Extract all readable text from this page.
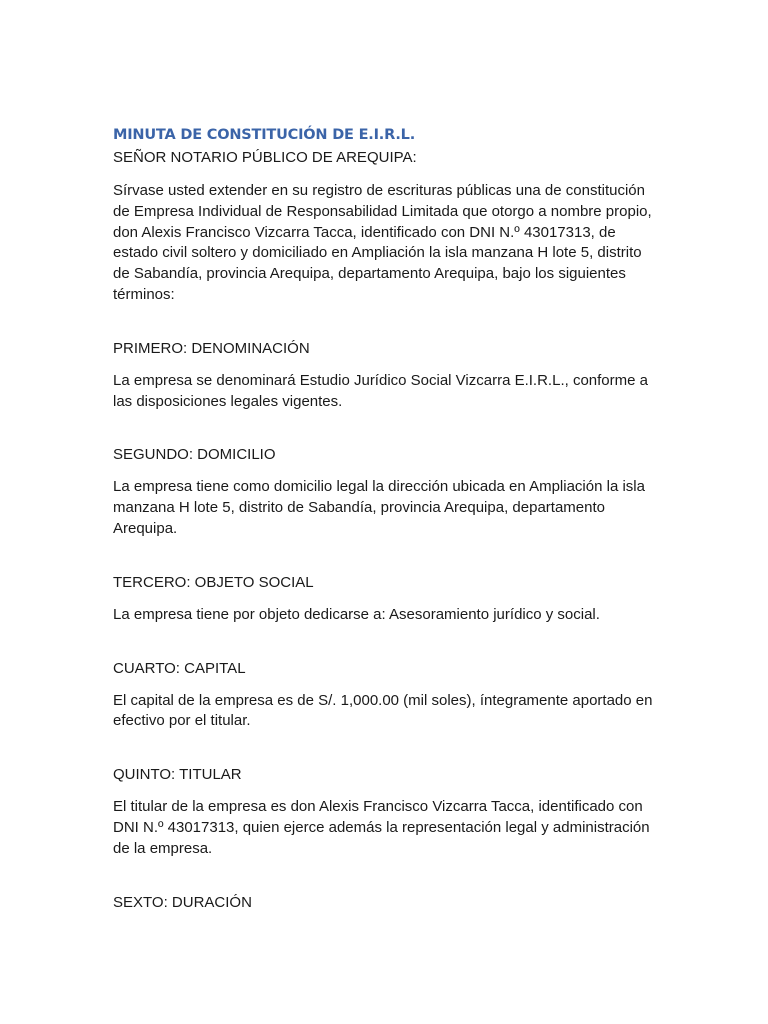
MINUTA DE CONSTITUCIÓN DE E.I.R.L.

SEÑOR NOTARIO PÚBLICO DE AREQUIPA:

Sírvase usted extender en su registro de escrituras públicas una de constitución de Empresa Individual de Responsabilidad Limitada que otorgo a nombre propio, don Alexis Francisco Vizcarra Tacca, identificado con DNI N.º 43017313, de estado civil soltero y domiciliado en Ampliación la isla manzana H lote 5, distrito de Sabandía, provincia Arequipa, departamento Arequipa, bajo los siguientes términos:

PRIMERO: DENOMINACIÓN

La empresa se denominará Estudio Jurídico Social Vizcarra E.I.R.L., conforme a las disposiciones legales vigentes.

SEGUNDO: DOMICILIO

La empresa tiene como domicilio legal la dirección ubicada en Ampliación la isla manzana H lote 5, distrito de Sabandía, provincia Arequipa, departamento Arequipa.

TERCERO: OBJETO SOCIAL

La empresa tiene por objeto dedicarse a: Asesoramiento jurídico y social.

CUARTO: CAPITAL

El capital de la empresa es de S/. 1,000.00 (mil soles), íntegramente aportado en efectivo por el titular.

QUINTO: TITULAR

El titular de la empresa es don Alexis Francisco Vizcarra Tacca, identificado con DNI N.º 43017313, quien ejerce además la representación legal y administración de la empresa.

SEXTO: DURACIÓN
